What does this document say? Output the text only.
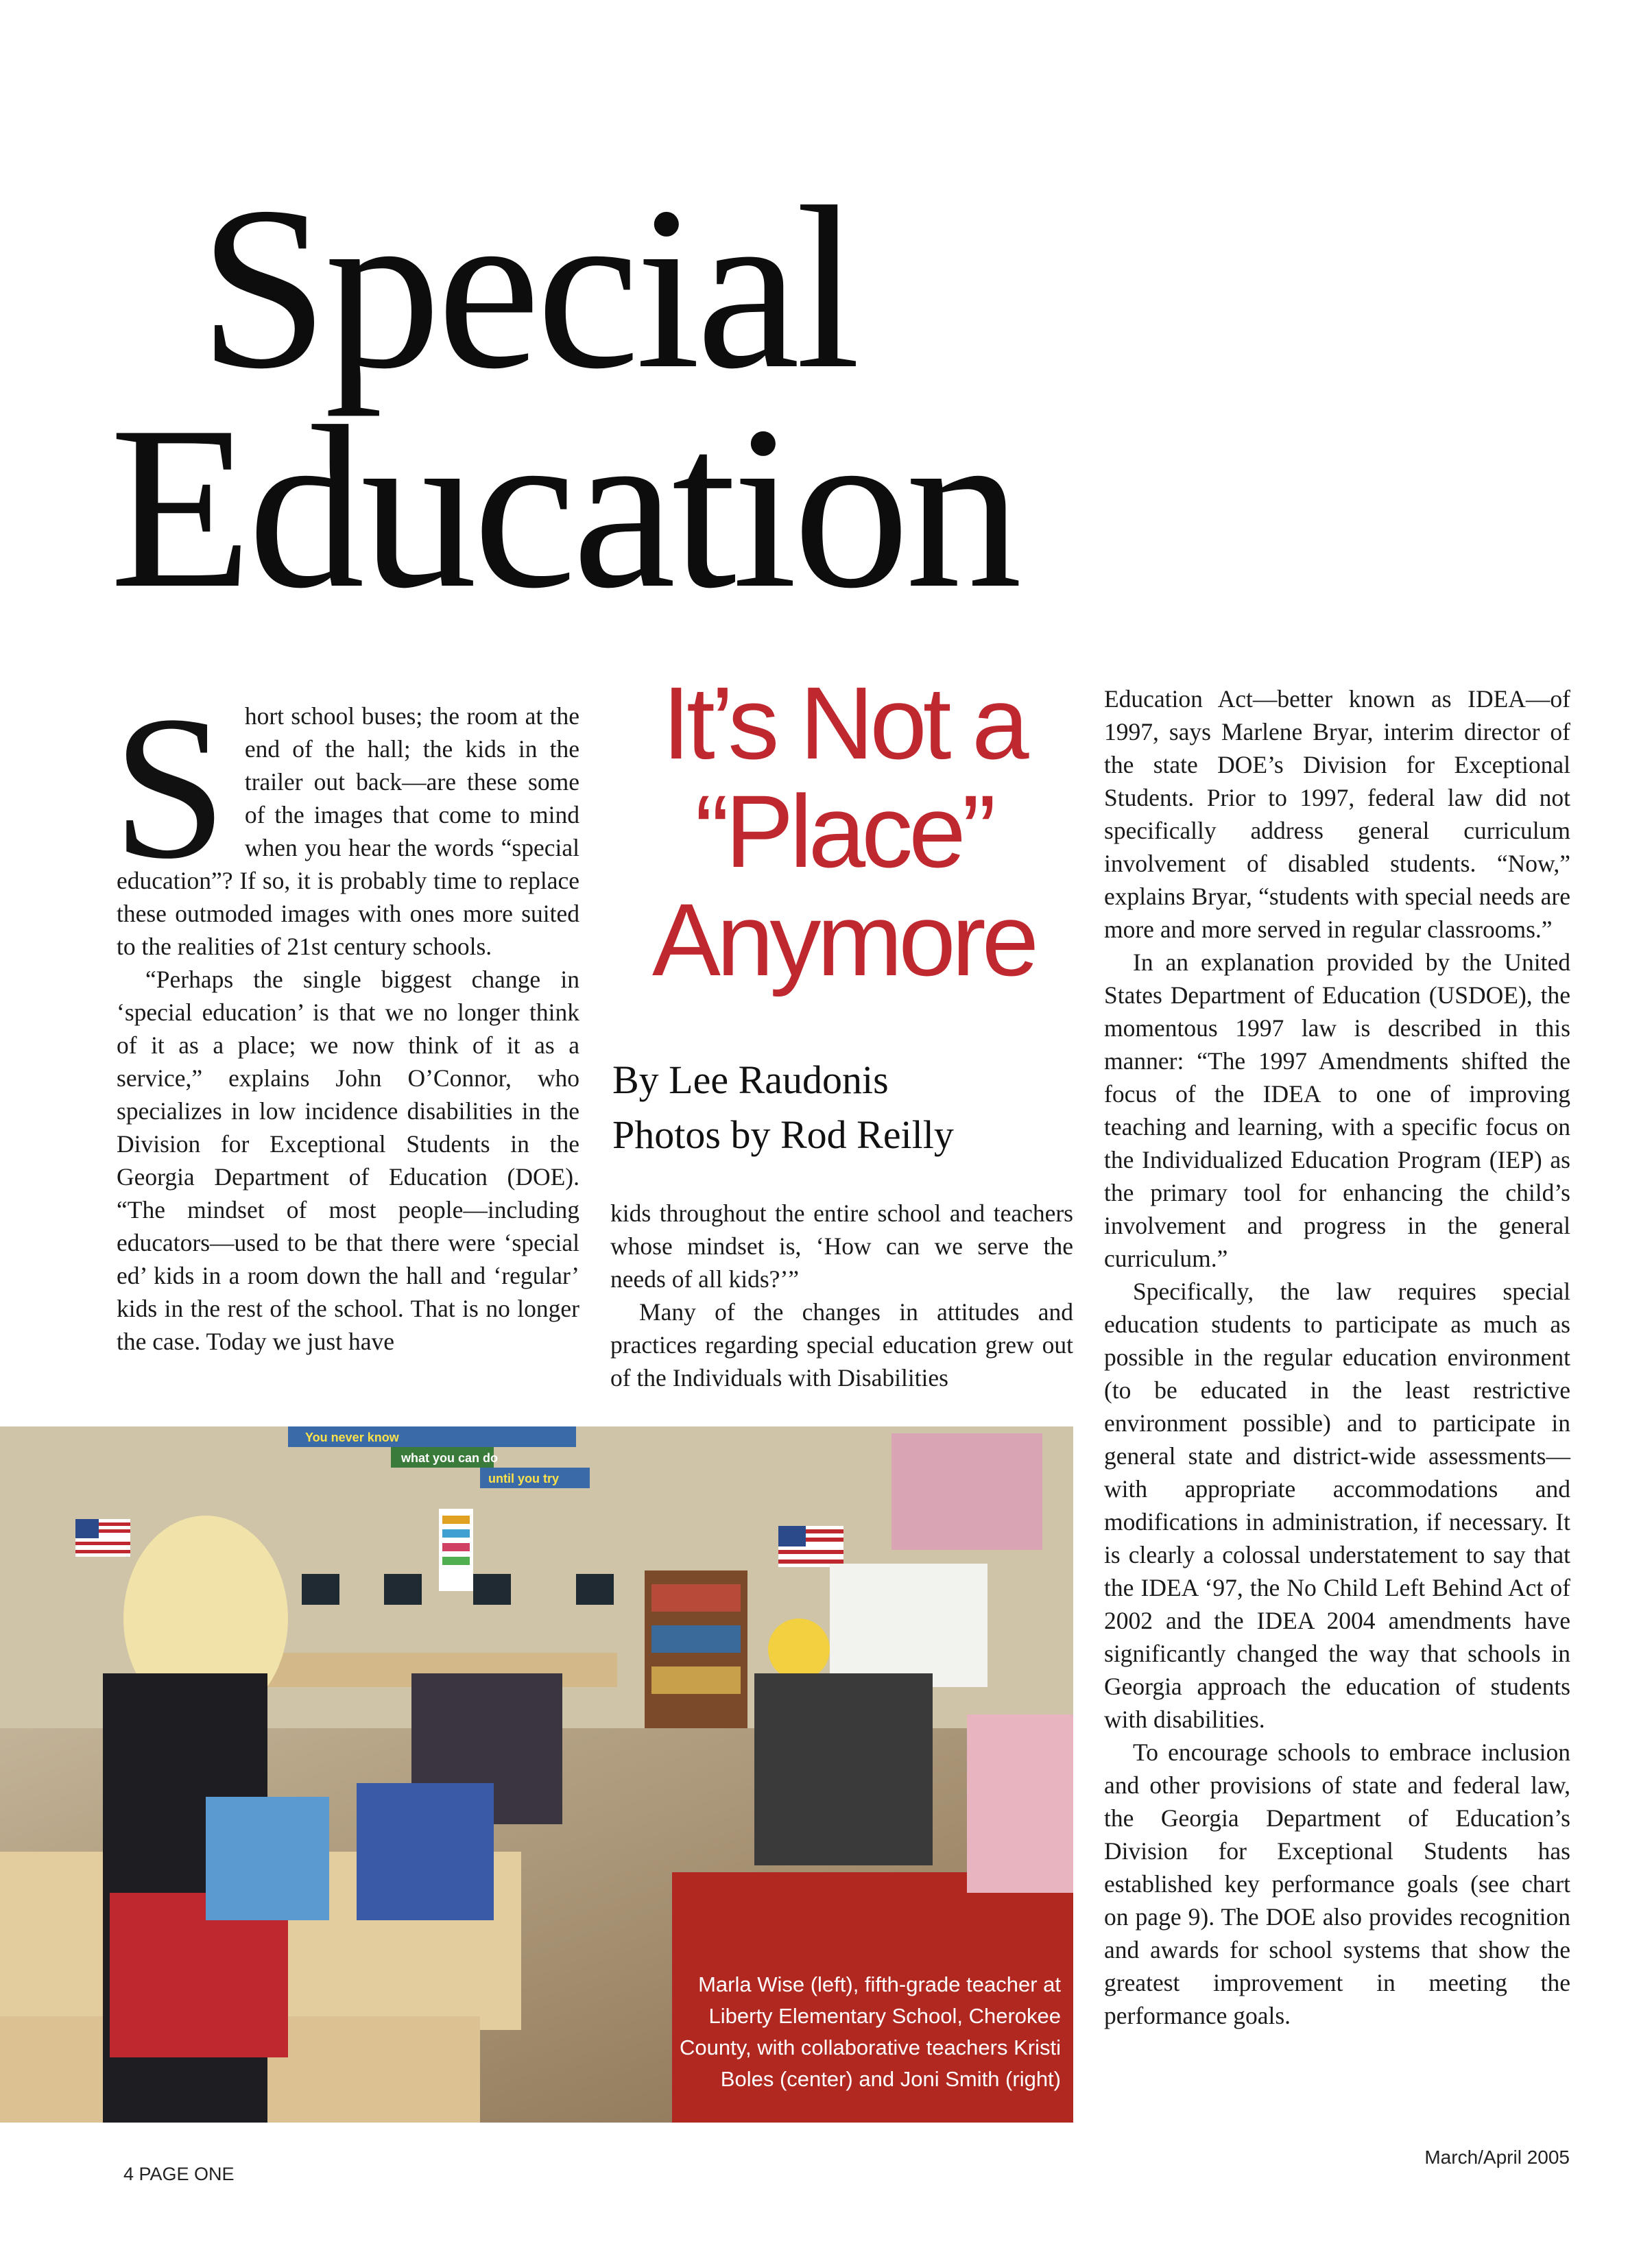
Special
Education

Short school buses; the room at the end of the hall; the kids in the trailer out back—are these some of the images that come to mind when you hear the words “special education”? If so, it is probably time to replace these outmoded images with ones more suited to the realities of 21st century schools.

“Perhaps the single biggest change in ‘special education’ is that we no longer think of it as a place; we now think of it as a service,” explains John O’Connor, who specializes in low incidence disabilities in the Division for Exceptional Students in the Georgia Department of Education (DOE). “The mindset of most people—including educators—used to be that there were ‘special ed’ kids in a room down the hall and ‘regular’ kids in the rest of the school. That is no longer the case. Today we just have

It’s Not a
“Place”
Anymore
By Lee Raudonis
Photos by Rod Reilly

kids throughout the entire school and teachers whose mindset is, ‘How can we serve the needs of all kids?’”

Many of the changes in attitudes and practices regarding special education grew out of the Individuals with Disabilities

Education Act—better known as IDEA—of 1997, says Marlene Bryar, interim director of the state DOE’s Division for Exceptional Students. Prior to 1997, federal law did not specifically address general curriculum involvement of disabled students. “Now,” explains Bryar, “students with special needs are more and more served in regular classrooms.”

In an explanation provided by the United States Department of Education (USDOE), the momentous 1997 law is described in this manner: “The 1997 Amendments shifted the focus of the IDEA to one of improving teaching and learning, with a specific focus on the Individualized Education Program (IEP) as the primary tool for enhancing the child’s involvement and progress in the general curriculum.”

Specifically, the law requires special education students to participate as much as possible in the regular education environment (to be educated in the least restrictive environment possible) and to participate in general state and district-wide assessments—with appropriate accommodations and modifications in administration, if necessary. It is clearly a colossal understatement to say that the IDEA ‘97, the No Child Left Behind Act of 2002 and the IDEA 2004 amendments have significantly changed the way that schools in Georgia approach the education of students with disabilities.

To encourage schools to embrace inclusion and other provisions of state and federal law, the Georgia Department of Education’s Division for Exceptional Students has established key performance goals (see chart on page 9). The DOE also provides recognition and awards for school systems that show the greatest improvement in meeting the performance goals.

You never know
what you can do
until you try
Marla Wise (left), fifth-grade teacher at Liberty Elementary School, Cherokee County, with collaborative teachers Kristi Boles (center) and Joni Smith (right)
4 PAGE ONE
March/April 2005
